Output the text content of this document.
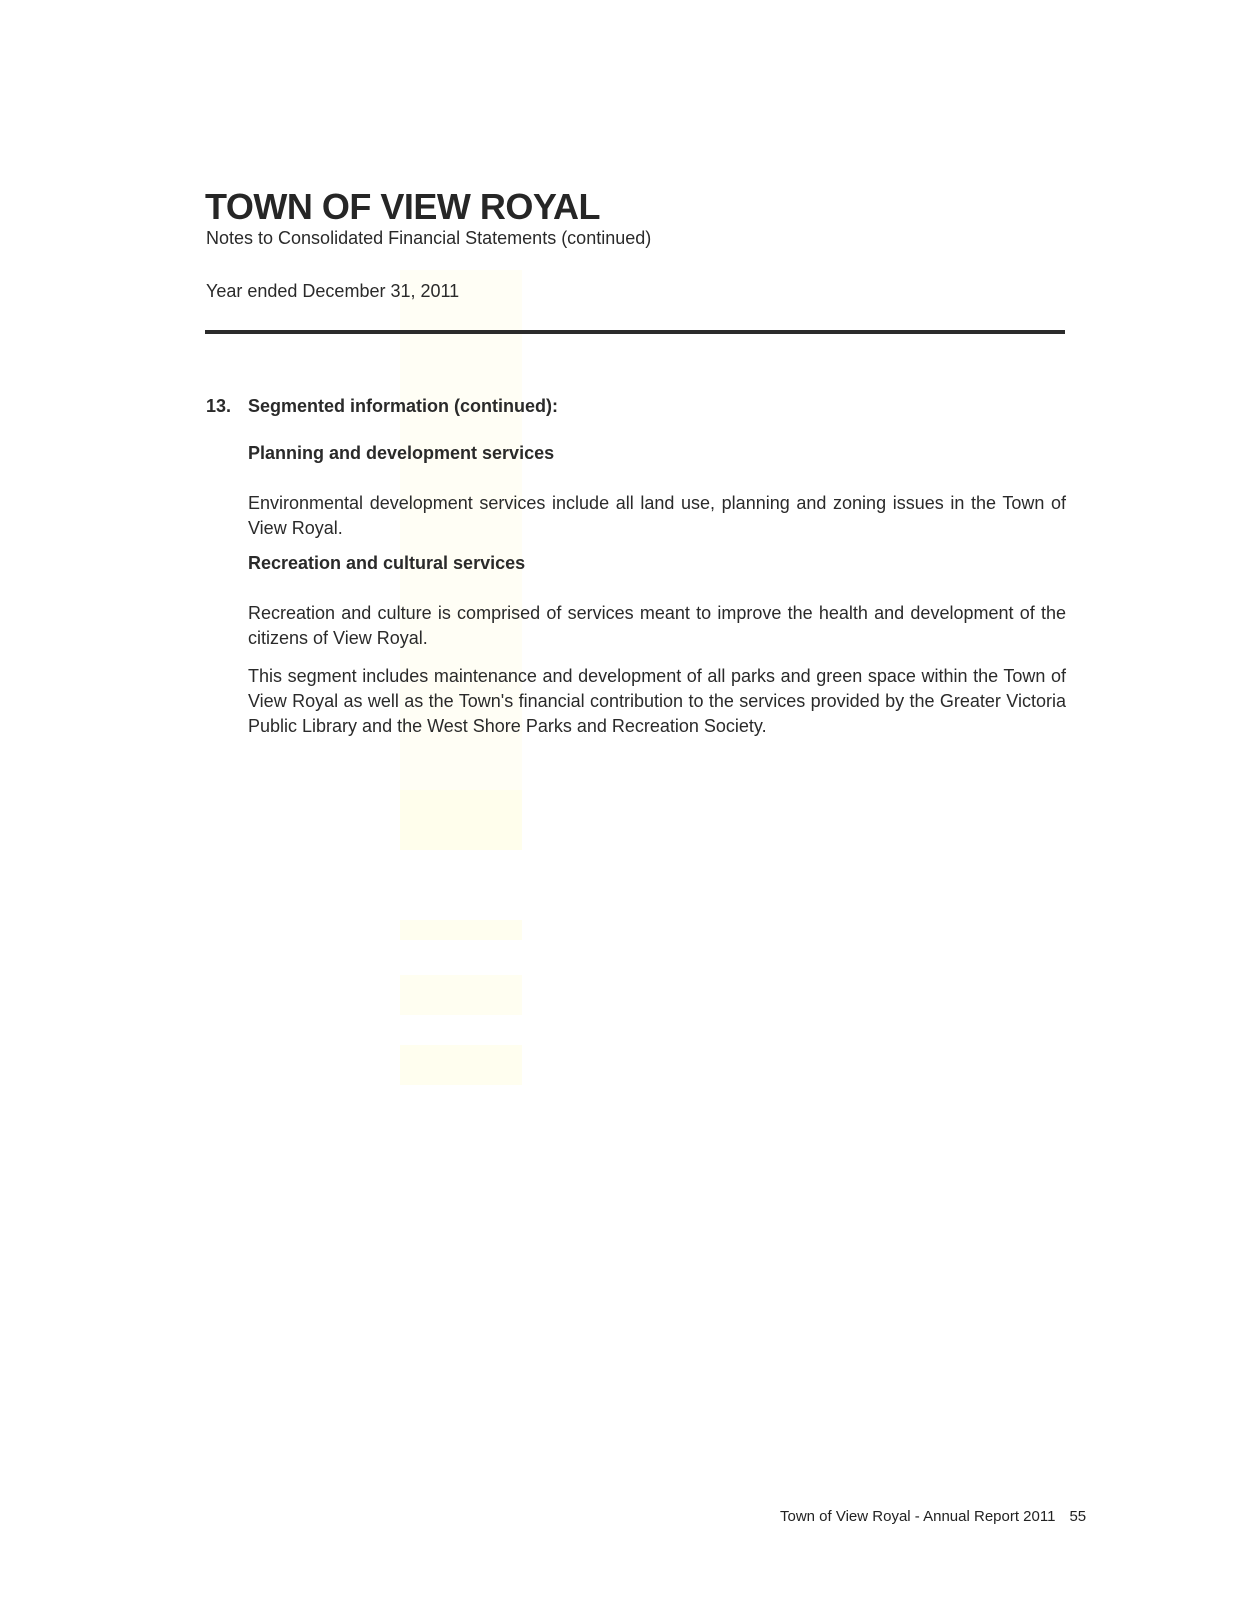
TOWN OF VIEW ROYAL

Notes to Consolidated Financial Statements (continued)

Year ended December 31, 2011

13. Segmented information (continued):
Planning and development services

Environmental development services include all land use, planning and zoning issues in the Town of View Royal.

Recreation and cultural services

Recreation and culture is comprised of services meant to improve the health and development of the citizens of View Royal.

This segment includes maintenance and development of all parks and green space within the Town of View Royal as well as the Town's financial contribution to the services provided by the Greater Victoria Public Library and the West Shore Parks and Recreation Society.

Town of View Royal - Annual Report 2011 55
